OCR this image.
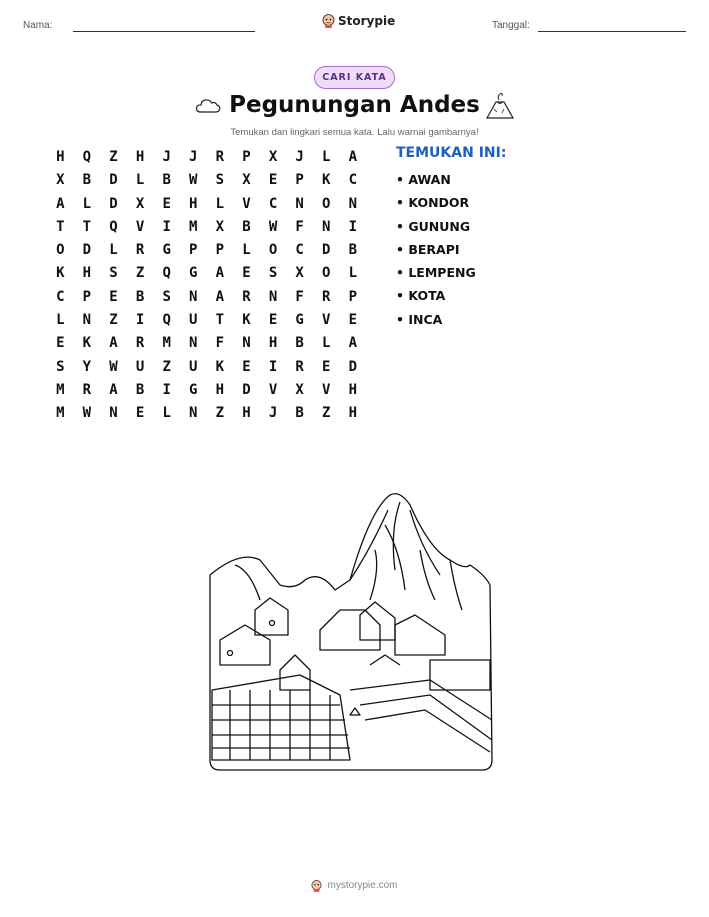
Nama:	Storypie	Tanggal:
CARI KATA
Pegunungan Andes
Temukan dan lingkari semua kata. Lalu warnai gambarnya!
H	Q	Z	H	J	J	R	P	X	J	L	A
X	B	D	L	B	W	S	X	E	P	K	C
A	L	D	X	E	H	L	V	C	N	O	N
T	T	Q	V	I	M	X	B	W	F	N	I
O	D	L	R	G	P	P	L	O	C	D	B
K	H	S	Z	Q	G	A	E	S	X	O	L
C	P	E	B	S	N	A	R	N	F	R	P
L	N	Z	I	Q	U	T	K	E	G	V	E
E	K	A	R	M	N	F	N	H	B	L	A
S	Y	W	U	Z	U	K	E	I	R	E	D
M	R	A	B	I	G	H	D	V	X	V	H
M	W	N	E	L	N	Z	H	J	B	Z	H
TEMUKAN INI:
• AWAN
• KONDOR
• GUNUNG
• BERAPI
• LEMPENG
• KOTA
• INCA
mystorypie.com
